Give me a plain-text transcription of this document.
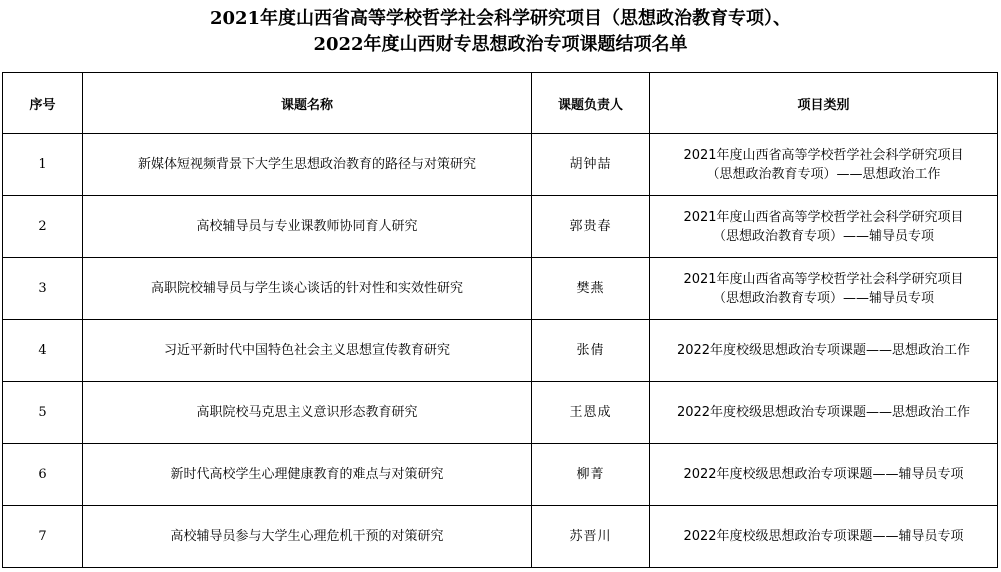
2021年度山西省高等学校哲学社会科学研究项目（思想政治教育专项）、
2022年度山西财专思想政治专项课题结项名单
序号	课题名称	课题负责人	项目类别
1	新媒体短视频背景下大学生思想政治教育的路径与对策研究	胡钟喆	2021年度山西省高等学校哲学社会科学研究项目
（思想政治教育专项）——思想政治工作

2	高校辅导员与专业课教师协同育人研究	郭贵春	2021年度山西省高等学校哲学社会科学研究项目
（思想政治教育专项）——辅导员专项

3	高职院校辅导员与学生谈心谈话的针对性和实效性研究	樊燕	2021年度山西省高等学校哲学社会科学研究项目
（思想政治教育专项）——辅导员专项

4	习近平新时代中国特色社会主义思想宣传教育研究	张倩	2022年度校级思想政治专项课题——思想政治工作

5	高职院校马克思主义意识形态教育研究	王恩成	2022年度校级思想政治专项课题——思想政治工作

6	新时代高校学生心理健康教育的难点与对策研究	柳菁	2022年度校级思想政治专项课题——辅导员专项

7	高校辅导员参与大学生心理危机干预的对策研究	苏晋川	2022年度校级思想政治专项课题——辅导员专项
